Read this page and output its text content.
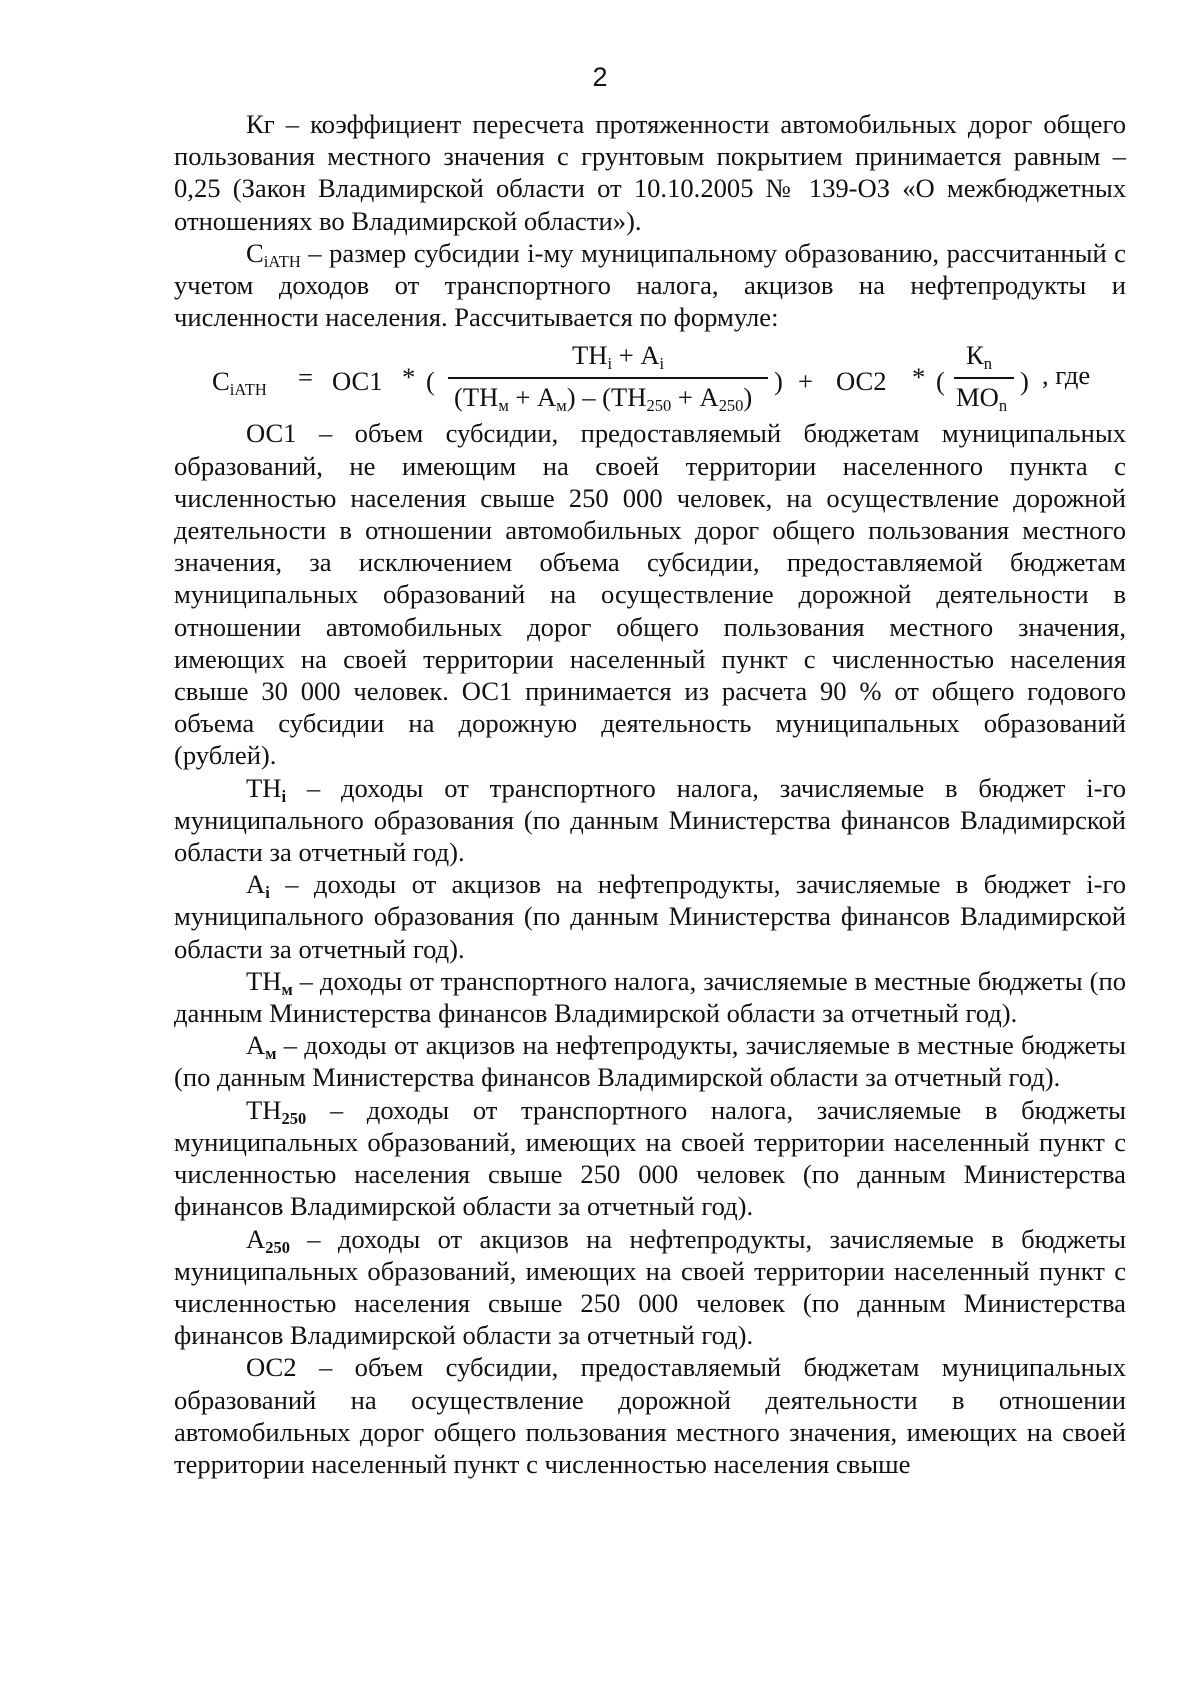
2

Кг – коэффициент пересчета протяженности автомобильных дорог общего пользования местного значения с грунтовым покрытием принимается равным – 0,25 (Закон Владимирской области от 10.10.2005 № 139-ОЗ «О межбюджетных отношениях во Владимирской области»).

$С_{iАТН}$ – размер субсидии i-му муниципальному образованию, рассчитанный с учетом доходов от транспортного налога, акцизов на нефтепродукты и численности населения. Рассчитывается по формуле:

$С_{iАТН} = ОС1$ * (
$ТН_i + А_i$
$(ТН_м + А_м) - (ТН_{250} + А_{250})$
) + ОС2 * (
$К_n$
$МО_n$
) , где

ОС1 – объем субсидии, предоставляемый бюджетам муниципальных образований, не имеющим на своей территории населенного пункта с численностью населения свыше 250 000 человек, на осуществление дорожной деятельности в отношении автомобильных дорог общего пользования местного значения, за исключением объема субсидии, предоставляемой бюджетам муниципальных образований на осуществление дорожной деятельности в отношении автомобильных дорог общего пользования местного значения, имеющих на своей территории населенный пункт с численностью населения свыше 30 000 человек. ОС1 принимается из расчета 90 % от общего годового объема субсидии на дорожную деятельность муниципальных образований (рублей).

ТНi – доходы от транспортного налога, зачисляемые в бюджет i-го муниципального образования (по данным Министерства финансов Владимирской области за отчетный год).

Аi – доходы от акцизов на нефтепродукты, зачисляемые в бюджет i-го муниципального образования (по данным Министерства финансов Владимирской области за отчетный год).

ТНм – доходы от транспортного налога, зачисляемые в местные бюджеты (по данным Министерства финансов Владимирской области за отчетный год).

Ам – доходы от акцизов на нефтепродукты, зачисляемые в местные бюджеты (по данным Министерства финансов Владимирской области за отчетный год).

ТН250 – доходы от транспортного налога, зачисляемые в бюджеты муниципальных образований, имеющих на своей территории населенный пункт с численностью населения свыше 250 000 человек (по данным Министерства финансов Владимирской области за отчетный год).

А250 – доходы от акцизов на нефтепродукты, зачисляемые в бюджеты муниципальных образований, имеющих на своей территории населенный пункт с численностью населения свыше 250 000 человек (по данным Министерства финансов Владимирской области за отчетный год).

ОС2 – объем субсидии, предоставляемый бюджетам муниципальных образований на осуществление дорожной деятельности в отношении автомобильных дорог общего пользования местного значения, имеющих на своей территории населенный пункт с численностью населения свыше
